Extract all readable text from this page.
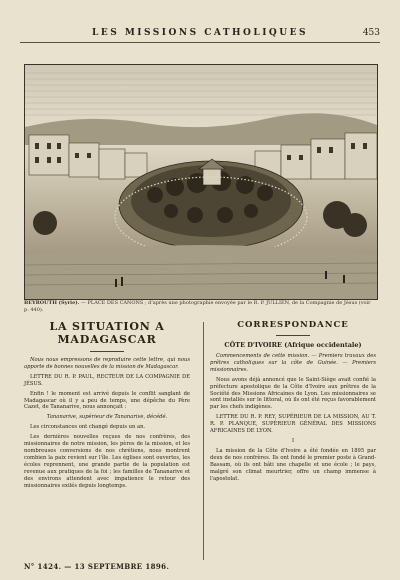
LES MISSIONS CATHOLIQUES	453
BEYROUTH (Syrie). — PLACE DES CANONS ; d'après une photographie envoyée par le R. P. JULLIEN, de la Compagnie de Jésus (voir p. 440).
LA SITUATION A MADAGASCAR

Nous nous empressons de reproduire cette lettre, qui nous apporte de bonnes nouvelles de la mission de Madagascar.

LETTRE DU R. P. PAUL, RECTEUR DE LA COMPAGNIE DE JÉSUS.

Enfin ! le moment est arrivé depuis le conflit sanglant de Madagascar où il y a peu de temps, une dépêche du Père Cazet, de Tananarive, nous annonçait :

Tananarive, supérieur de Tananarive, décédé.

Les circonstances ont changé depuis un an.

Les dernières nouvelles reçues de nos confrères, des missionnaires de notre mission, les pères de la mission, et les nombreuses conversions de nos chrétiens, nous montrent combien la paix revient sur l'île. Les églises sont ouvertes, les écoles reprennent, une grande partie de la population est revenue aux pratiques de la foi ; les familles de Tananarive et des environs attendent avec impatience le retour des missionnaires exilés depuis longtemps.

CORRESPONDANCE
CÔTE D'IVOIRE (Afrique occidentale)

Commencements de cette mission. — Premiers travaux des prêtres catholiques sur la côte de Guinée. — Premiers missionnaires.

Nous avons déjà annoncé que le Saint-Siège avait confié la préfecture apostolique de la Côte d'Ivoire aux prêtres de la Société des Missions Africaines de Lyon. Les missionnaires se sont installés sur le littoral, où ils ont été reçus favorablement par les chefs indigènes.

LETTRE DU R. P. REY, SUPÉRIEUR DE LA MISSION, AU T. R. P. PLANQUE, SUPÉRIEUR GÉNÉRAL DES MISSIONS AFRICAINES DE LYON.

I

La mission de la Côte d'Ivoire a été fondée en 1895 par deux de nos confrères. Ils ont fondé le premier poste à Grand-Bassam, où ils ont bâti une chapelle et une école ; le pays, malgré son climat meurtrier, offre un champ immense à l'apostolat.

N° 1424. — 13 SEPTEMBRE 1896.
